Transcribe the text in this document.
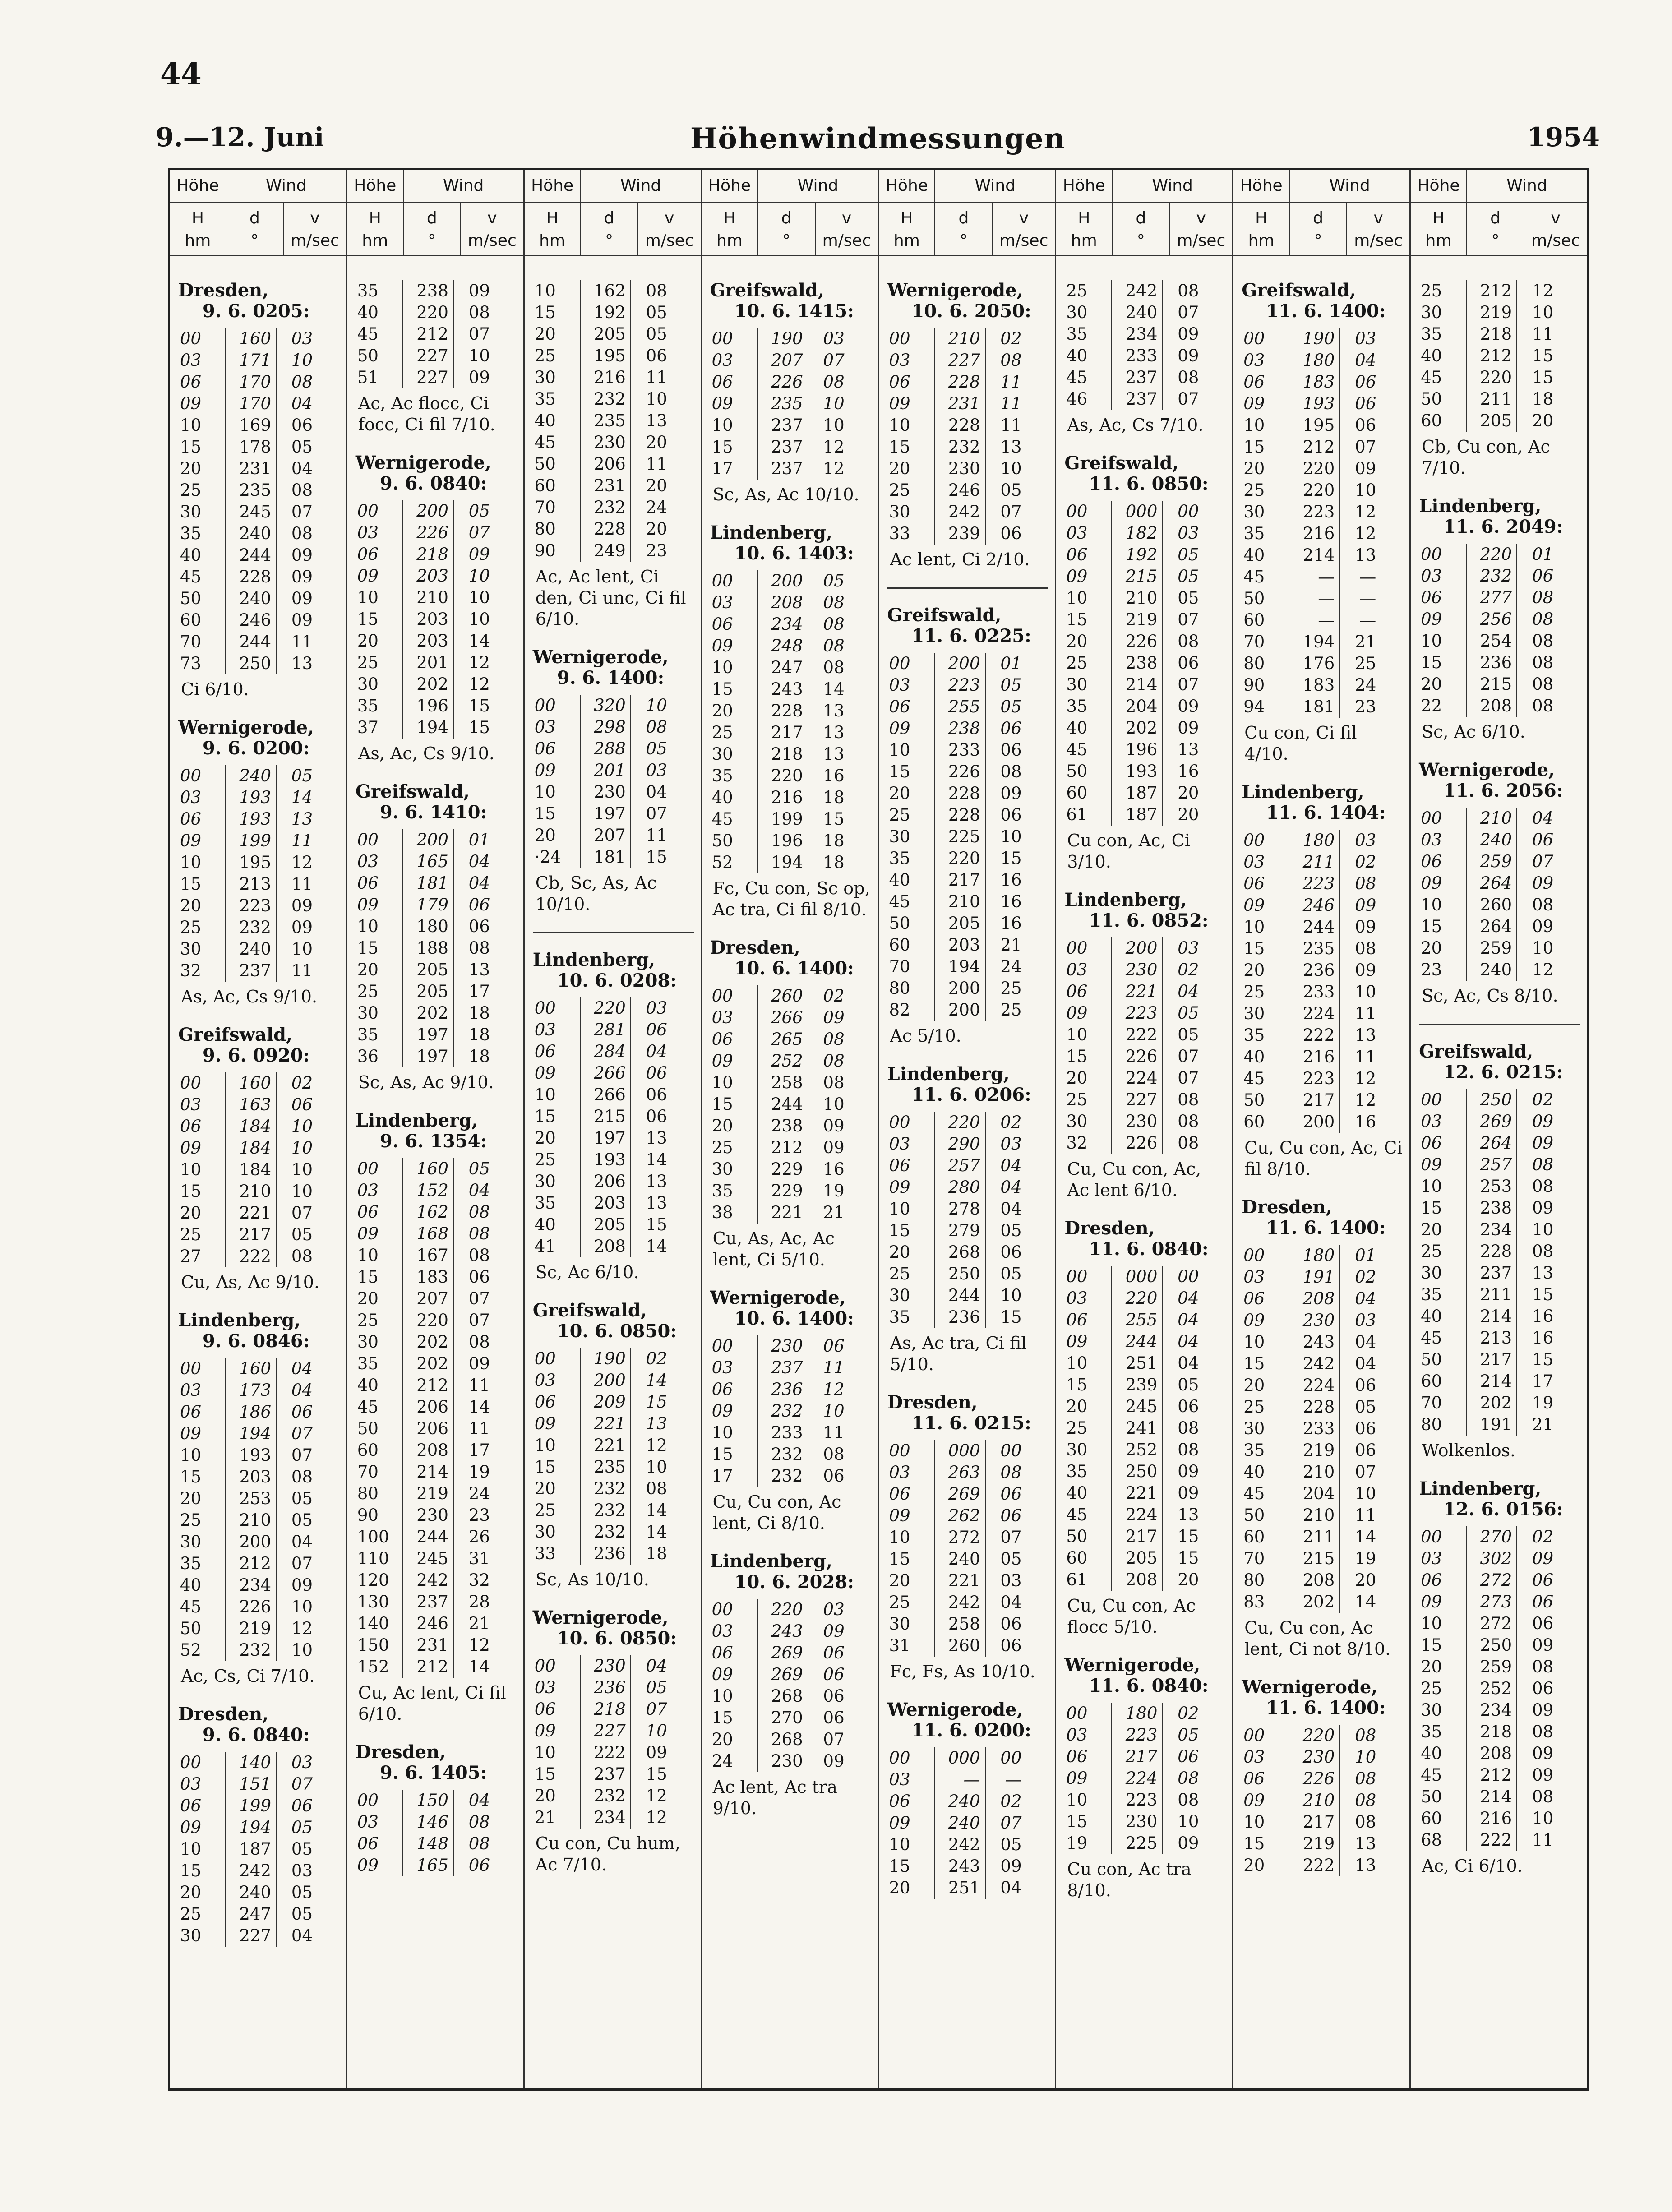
44
9.—12. Juni	Höhenwindmessungen	1954
Höhe	Wind
H
hm
d
°
v
m/sec
Dresden,
9. 6. 0205:
00	160	03
03	171	10
06	170	08
09	170	04
10	169	06
15	178	05
20	231	04
25	235	08
30	245	07
35	240	08
40	244	09
45	228	09
50	240	09
60	246	09
70	244	11
73	250	13
Ci 6/10.
Wernigerode,
9. 6. 0200:
00	240	05
03	193	14
06	193	13
09	199	11
10	195	12
15	213	11
20	223	09
25	232	09
30	240	10
32	237	11
As, Ac, Cs 9/10.
Greifswald,
9. 6. 0920:
00	160	02
03	163	06
06	184	10
09	184	10
10	184	10
15	210	10
20	221	07
25	217	05
27	222	08
Cu, As, Ac 9/10.
Lindenberg,
9. 6. 0846:
00	160	04
03	173	04
06	186	06
09	194	07
10	193	07
15	203	08
20	253	05
25	210	05
30	200	04
35	212	07
40	234	09
45	226	10
50	219	12
52	232	10
Ac, Cs, Ci 7/10.
Dresden,
9. 6. 0840:
00	140	03
03	151	07
06	199	06
09	194	05
10	187	05
15	242	03
20	240	05
25	247	05
30	227	04
Höhe	Wind
H
hm
d
°
v
m/sec
35	238	09
40	220	08
45	212	07
50	227	10
51	227	09
Ac, Ac flocc, Ci focc, Ci fil 7/10.
Wernigerode,
9. 6. 0840:
00	200	05
03	226	07
06	218	09
09	203	10
10	210	10
15	203	10
20	203	14
25	201	12
30	202	12
35	196	15
37	194	15
As, Ac, Cs 9/10.
Greifswald,
9. 6. 1410:
00	200	01
03	165	04
06	181	04
09	179	06
10	180	06
15	188	08
20	205	13
25	205	17
30	202	18
35	197	18
36	197	18
Sc, As, Ac 9/10.
Lindenberg,
9. 6. 1354:
00	160	05
03	152	04
06	162	08
09	168	08
10	167	08
15	183	06
20	207	07
25	220	07
30	202	08
35	202	09
40	212	11
45	206	14
50	206	11
60	208	17
70	214	19
80	219	24
90	230	23
100	244	26
110	245	31
120	242	32
130	237	28
140	246	21
150	231	12
152	212	14
Cu, Ac lent, Ci fil 6/10.
Dresden,
9. 6. 1405:
00	150	04
03	146	08
06	148	08
09	165	06
Höhe	Wind
H
hm
d
°
v
m/sec
10	162	08
15	192	05
20	205	05
25	195	06
30	216	11
35	232	10
40	235	13
45	230	20
50	206	11
60	231	20
70	232	24
80	228	20
90	249	23
Ac, Ac lent, Ci den, Ci unc, Ci fil 6/10.
Wernigerode,
9. 6. 1400:
00	320	10
03	298	08
06	288	05
09	201	03
10	230	04
15	197	07
20	207	11
·24	181	15
Cb, Sc, As, Ac 10/10.
Lindenberg,
10. 6. 0208:
00	220	03
03	281	06
06	284	04
09	266	06
10	266	06
15	215	06
20	197	13
25	193	14
30	206	13
35	203	13
40	205	15
41	208	14
Sc, Ac 6/10.
Greifswald,
10. 6. 0850:
00	190	02
03	200	14
06	209	15
09	221	13
10	221	12
15	235	10
20	232	08
25	232	14
30	232	14
33	236	18
Sc, As 10/10.
Wernigerode,
10. 6. 0850:
00	230	04
03	236	05
06	218	07
09	227	10
10	222	09
15	237	15
20	232	12
21	234	12
Cu con, Cu hum, Ac 7/10.
Höhe	Wind
H
hm
d
°
v
m/sec
Greifswald,
10. 6. 1415:
00	190	03
03	207	07
06	226	08
09	235	10
10	237	10
15	237	12
17	237	12
Sc, As, Ac 10/10.
Lindenberg,
10. 6. 1403:
00	200	05
03	208	08
06	234	08
09	248	08
10	247	08
15	243	14
20	228	13
25	217	13
30	218	13
35	220	16
40	216	18
45	199	15
50	196	18
52	194	18
Fc, Cu con, Sc op, Ac tra, Ci fil 8/10.
Dresden,
10. 6. 1400:
00	260	02
03	266	09
06	265	08
09	252	08
10	258	08
15	244	10
20	238	09
25	212	09
30	229	16
35	229	19
38	221	21
Cu, As, Ac, Ac lent, Ci 5/10.
Wernigerode,
10. 6. 1400:
00	230	06
03	237	11
06	236	12
09	232	10
10	233	11
15	232	08
17	232	06
Cu, Cu con, Ac lent, Ci 8/10.
Lindenberg,
10. 6. 2028:
00	220	03
03	243	09
06	269	06
09	269	06
10	268	06
15	270	06
20	268	07
24	230	09
Ac lent, Ac tra 9/10.
Höhe	Wind
H
hm
d
°
v
m/sec
Wernigerode,
10. 6. 2050:
00	210	02
03	227	08
06	228	11
09	231	11
10	228	11
15	232	13
20	230	10
25	246	05
30	242	07
33	239	06
Ac lent, Ci 2/10.
Greifswald,
11. 6. 0225:
00	200	01
03	223	05
06	255	05
09	238	06
10	233	06
15	226	08
20	228	09
25	228	06
30	225	10
35	220	15
40	217	16
45	210	16
50	205	16
60	203	21
70	194	24
80	200	25
82	200	25
Ac 5/10.
Lindenberg,
11. 6. 0206:
00	220	02
03	290	03
06	257	04
09	280	04
10	278	04
15	279	05
20	268	06
25	250	05
30	244	10
35	236	15
As, Ac tra, Ci fil 5/10.
Dresden,
11. 6. 0215:
00	000	00
03	263	08
06	269	06
09	262	06
10	272	07
15	240	05
20	221	03
25	242	04
30	258	06
31	260	06
Fc, Fs, As 10/10.
Wernigerode,
11. 6. 0200:
00	000	00
03	—	—
06	240	02
09	240	07
10	242	05
15	243	09
20	251	04
Höhe	Wind
H
hm
d
°
v
m/sec
25	242	08
30	240	07
35	234	09
40	233	09
45	237	08
46	237	07
As, Ac, Cs 7/10.
Greifswald,
11. 6. 0850:
00	000	00
03	182	03
06	192	05
09	215	05
10	210	05
15	219	07
20	226	08
25	238	06
30	214	07
35	204	09
40	202	09
45	196	13
50	193	16
60	187	20
61	187	20
Cu con, Ac, Ci 3/10.
Lindenberg,
11. 6. 0852:
00	200	03
03	230	02
06	221	04
09	223	05
10	222	05
15	226	07
20	224	07
25	227	08
30	230	08
32	226	08
Cu, Cu con, Ac, Ac lent 6/10.
Dresden,
11. 6. 0840:
00	000	00
03	220	04
06	255	04
09	244	04
10	251	04
15	239	05
20	245	06
25	241	08
30	252	08
35	250	09
40	221	09
45	224	13
50	217	15
60	205	15
61	208	20
Cu, Cu con, Ac flocc 5/10.
Wernigerode,
11. 6. 0840:
00	180	02
03	223	05
06	217	06
09	224	08
10	223	08
15	230	10
19	225	09
Cu con, Ac tra 8/10.
Höhe	Wind
H
hm
d
°
v
m/sec
Greifswald,
11. 6. 1400:
00	190	03
03	180	04
06	183	06
09	193	06
10	195	06
15	212	07
20	220	09
25	220	10
30	223	12
35	216	12
40	214	13
45	—	—
50	—	—
60	—	—
70	194	21
80	176	25
90	183	24
94	181	23
Cu con, Ci fil 4/10.
Lindenberg,
11. 6. 1404:
00	180	03
03	211	02
06	223	08
09	246	09
10	244	09
15	235	08
20	236	09
25	233	10
30	224	11
35	222	13
40	216	11
45	223	12
50	217	12
60	200	16
Cu, Cu con, Ac, Ci fil 8/10.
Dresden,
11. 6. 1400:
00	180	01
03	191	02
06	208	04
09	230	03
10	243	04
15	242	04
20	224	06
25	228	05
30	233	06
35	219	06
40	210	07
45	204	10
50	210	11
60	211	14
70	215	19
80	208	20
83	202	14
Cu, Cu con, Ac lent, Ci not 8/10.
Wernigerode,
11. 6. 1400:
00	220	08
03	230	10
06	226	08
09	210	08
10	217	08
15	219	13
20	222	13
Höhe	Wind
H
hm
d
°
v
m/sec
25	212	12
30	219	10
35	218	11
40	212	15
45	220	15
50	211	18
60	205	20
Cb, Cu con, Ac 7/10.
Lindenberg,
11. 6. 2049:
00	220	01
03	232	06
06	277	08
09	256	08
10	254	08
15	236	08
20	215	08
22	208	08
Sc, Ac 6/10.
Wernigerode,
11. 6. 2056:
00	210	04
03	240	06
06	259	07
09	264	09
10	260	08
15	264	09
20	259	10
23	240	12
Sc, Ac, Cs 8/10.
Greifswald,
12. 6. 0215:
00	250	02
03	269	09
06	264	09
09	257	08
10	253	08
15	238	09
20	234	10
25	228	08
30	237	13
35	211	15
40	214	16
45	213	16
50	217	15
60	214	17
70	202	19
80	191	21
Wolkenlos.
Lindenberg,
12. 6. 0156:
00	270	02
03	302	09
06	272	06
09	273	06
10	272	06
15	250	09
20	259	08
25	252	06
30	234	09
35	218	08
40	208	09
45	212	09
50	214	08
60	216	10
68	222	11
Ac, Ci 6/10.
